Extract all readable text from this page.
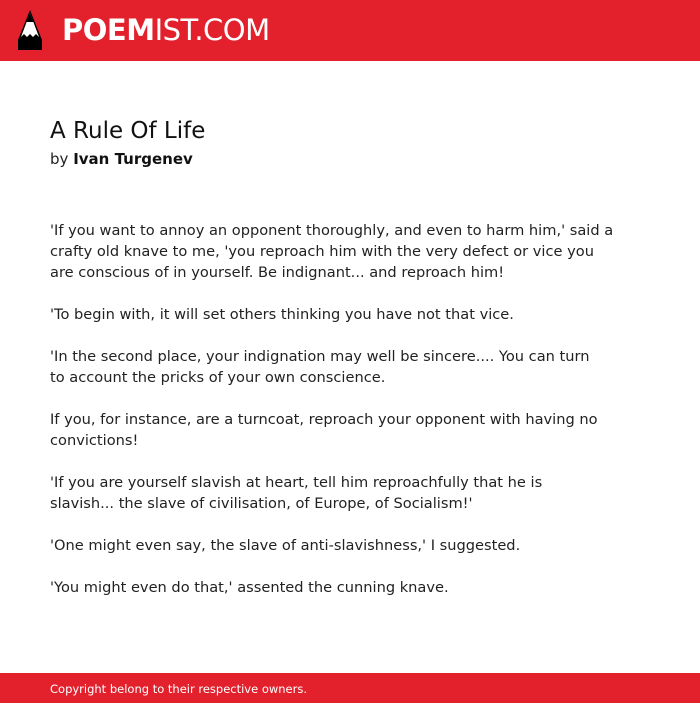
POEMIST.COM
A Rule Of Life
by Ivan Turgenev

'If you want to annoy an opponent thoroughly, and even to harm him,' said a
crafty old knave to me, 'you reproach him with the very defect or vice you
are conscious of in yourself. Be indignant... and reproach him!

'To begin with, it will set others thinking you have not that vice.

'In the second place, your indignation may well be sincere.... You can turn
to account the pricks of your own conscience.

If you, for instance, are a turncoat, reproach your opponent with having no
convictions!

'If you are yourself slavish at heart, tell him reproachfully that he is
slavish... the slave of civilisation, of Europe, of Socialism!'

'One might even say, the slave of anti-slavishness,' I suggested.

'You might even do that,' assented the cunning knave.

Copyright belong to their respective owners.
